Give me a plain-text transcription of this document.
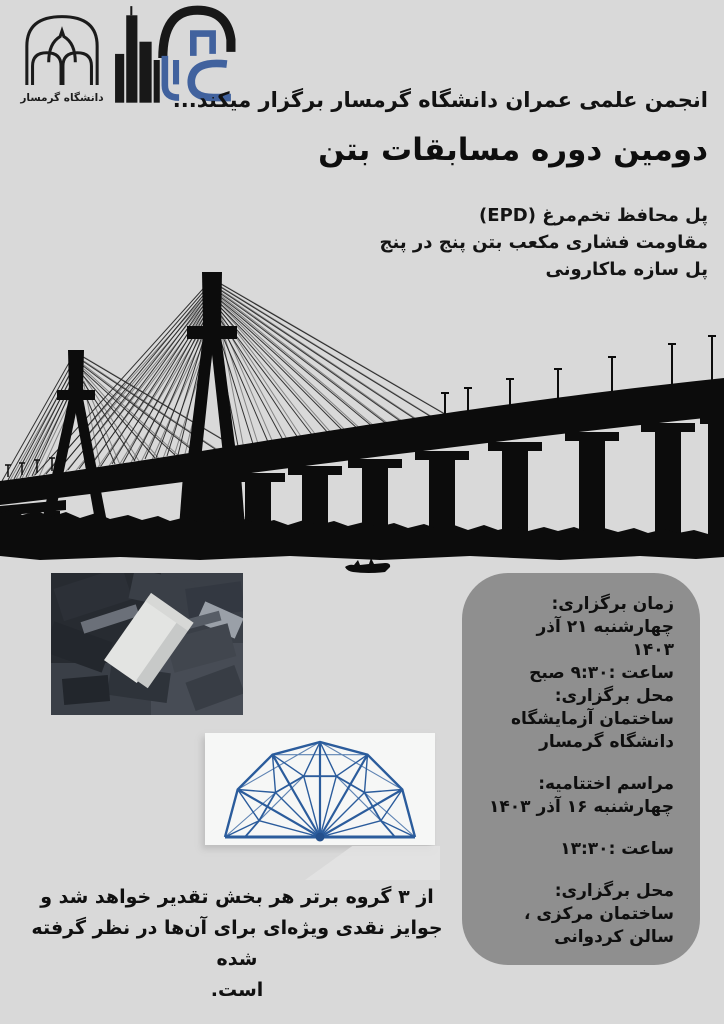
دانشگاه گرمسار	انجمن علمی عمران دانشگاه گرمسار برگزار میکند...
دومین دوره مسابقات بتن
پل محافظ تخم‌مرغ (EPD)
مقاومت فشاری مکعب بتن پنج در پنج
پل سازه ماکارونی
زمان برگزاری:
چهارشنبه ۲۱ آذر
۱۴۰۳
ساعت :۹:۳۰ صبح
محل برگزاری:
ساختمان آزمایشگاه
دانشگاه گرمسار
مراسم اختتامیه:
چهارشنبه ۱۶ آذر ۱۴۰۳
ساعت :۱۳:۳۰
محل برگزاری:
ساختمان مرکزی ،
سالن کردوانی
از ۳ گروه برتر هر بخش تقدیر خواهد شد و
جوایز نقدی ویژه‌ای برای آن‌ها در نظر گرفته شده
است.
